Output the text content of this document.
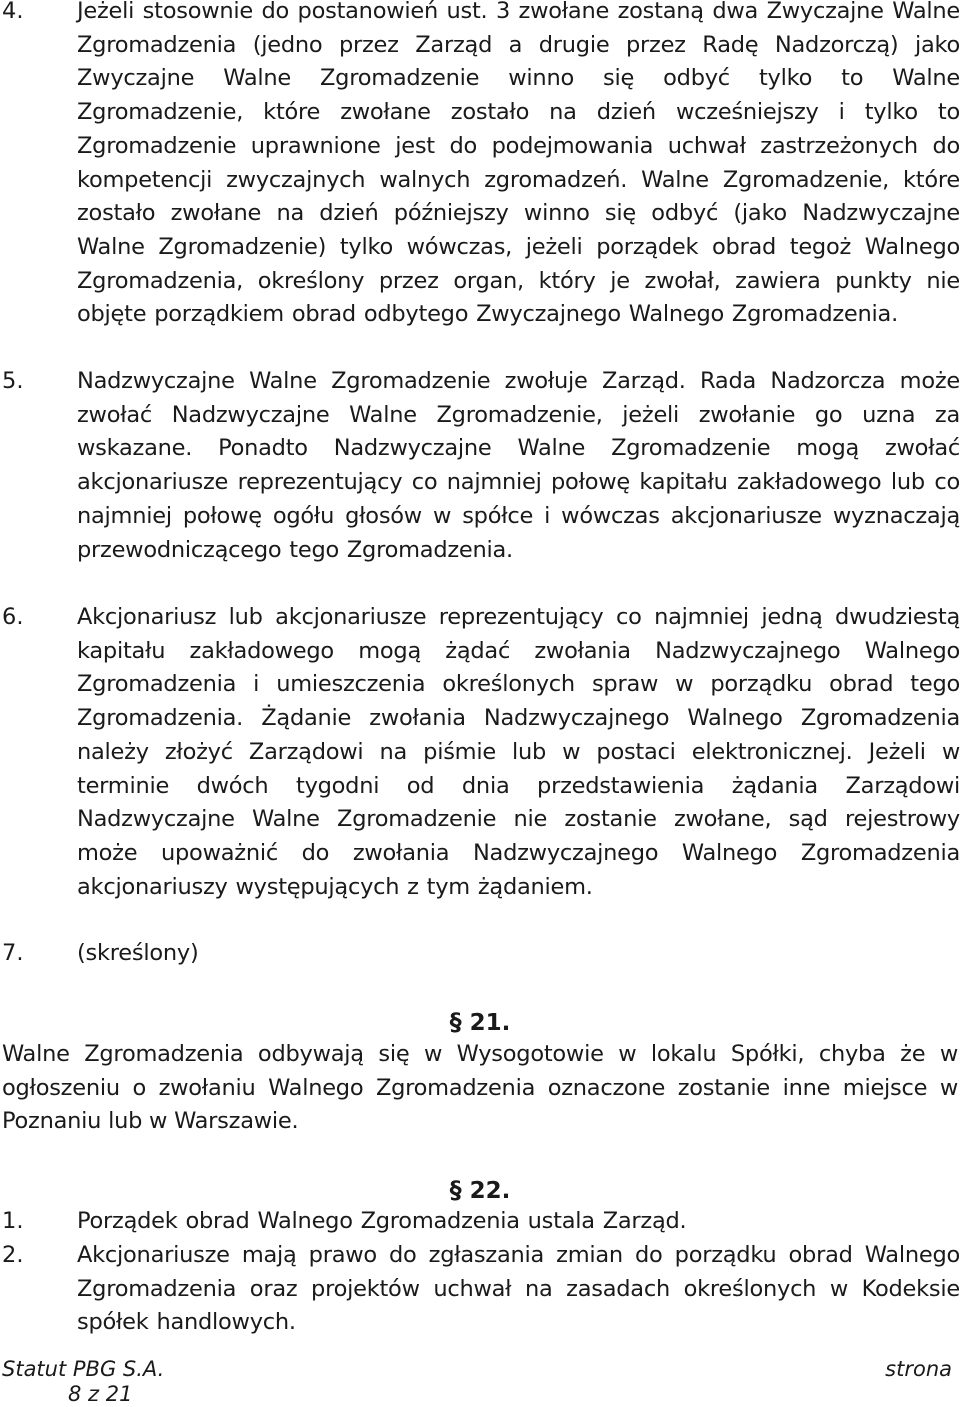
4. Jeżeli stosownie do postanowień ust. 3 zwołane zostaną dwa Zwyczajne Walne Zgromadzenia (jedno przez Zarząd a drugie przez Radę Nadzorczą) jako Zwyczajne Walne Zgromadzenie winno się odbyć tylko to Walne Zgromadzenie, które zwołane zostało na dzień wcześniejszy i tylko to Zgromadzenie uprawnione jest do podejmowania uchwał zastrzeżonych do kompetencji zwyczajnych walnych zgromadzeń. Walne Zgromadzenie, które zostało zwołane na dzień późniejszy winno się odbyć (jako Nadzwyczajne Walne Zgromadzenie) tylko wówczas, jeżeli porządek obrad tegoż Walnego Zgromadzenia, określony przez organ, który je zwołał, zawiera punkty nie objęte porządkiem obrad odbytego Zwyczajnego Walnego Zgromadzenia.
5. Nadzwyczajne Walne Zgromadzenie zwołuje Zarząd. Rada Nadzorcza może zwołać Nadzwyczajne Walne Zgromadzenie, jeżeli zwołanie go uzna za wskazane. Ponadto Nadzwyczajne Walne Zgromadzenie mogą zwołać akcjonariusze reprezentujący co najmniej połowę kapitału zakładowego lub co najmniej połowę ogółu głosów w spółce i wówczas akcjonariusze wyznaczają przewodniczącego tego Zgromadzenia.
6. Akcjonariusz lub akcjonariusze reprezentujący co najmniej jedną dwudziestą kapitału zakładowego mogą żądać zwołania Nadzwyczajnego Walnego Zgromadzenia i umieszczenia określonych spraw w porządku obrad tego Zgromadzenia. Żądanie zwołania Nadzwyczajnego Walnego Zgromadzenia należy złożyć Zarządowi na piśmie lub w postaci elektronicznej. Jeżeli w terminie dwóch tygodni od dnia przedstawienia żądania Zarządowi Nadzwyczajne Walne Zgromadzenie nie zostanie zwołane, sąd rejestrowy może upoważnić do zwołania Nadzwyczajnego Walnego Zgromadzenia akcjonariuszy występujących z tym żądaniem.
7. (skreślony)
§ 21.
Walne Zgromadzenia odbywają się w Wysogotowie w lokalu Spółki, chyba że w ogłoszeniu o zwołaniu Walnego Zgromadzenia oznaczone zostanie inne miejsce w Poznaniu lub w Warszawie.
§ 22.
1. Porządek obrad Walnego Zgromadzenia ustala Zarząd.
2. Akcjonariusze mają prawo do zgłaszania zmian do porządku obrad Walnego Zgromadzenia oraz projektów uchwał na zasadach określonych w Kodeksie spółek handlowych.
Statut PBG S.A.	strona
8 z 21
